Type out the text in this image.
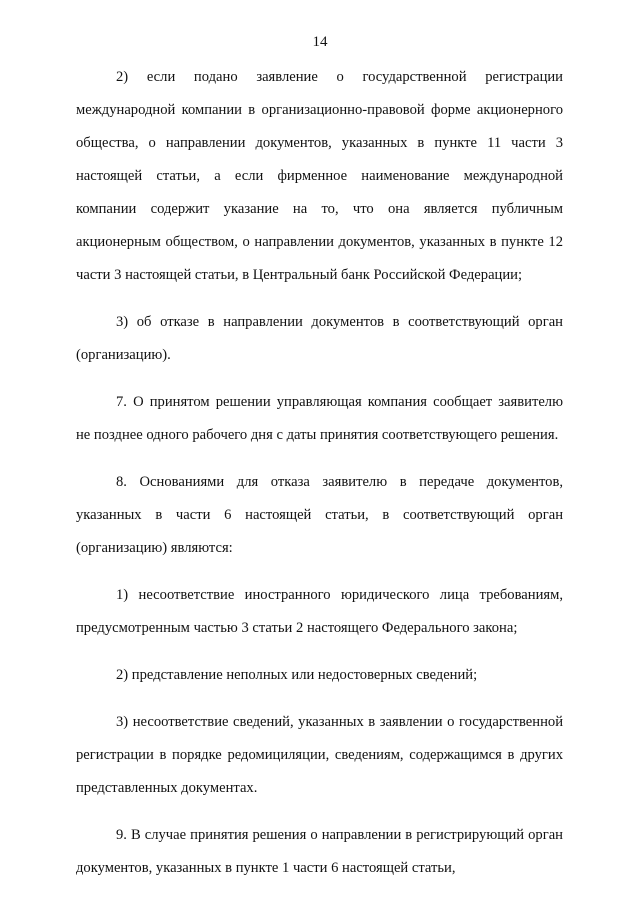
14

2) если подано заявление о государственной регистрации международной компании в организационно-правовой форме акционерного общества, о направлении документов, указанных в пункте 11 части 3 настоящей статьи, а если фирменное наименование международной компании содержит указание на то, что она является публичным акционерным обществом, о направлении документов, указанных в пункте 12 части 3 настоящей статьи, в Центральный банк Российской Федерации;

3) об отказе в направлении документов в соответствующий орган (организацию).

7. О принятом решении управляющая компания сообщает заявителю не позднее одного рабочего дня с даты принятия соответствующего решения.

8. Основаниями для отказа заявителю в передаче документов, указанных в части 6 настоящей статьи, в соответствующий орган (организацию) являются:

1) несоответствие иностранного юридического лица требованиям, предусмотренным частью 3 статьи 2 настоящего Федерального закона;

2) представление неполных или недостоверных сведений;

3) несоответствие сведений, указанных в заявлении о государственной регистрации в порядке редомициляции, сведениям, содержащимся в других представленных документах.

9. В случае принятия решения о направлении в регистрирующий орган документов, указанных в пункте 1 части 6 настоящей статьи,
